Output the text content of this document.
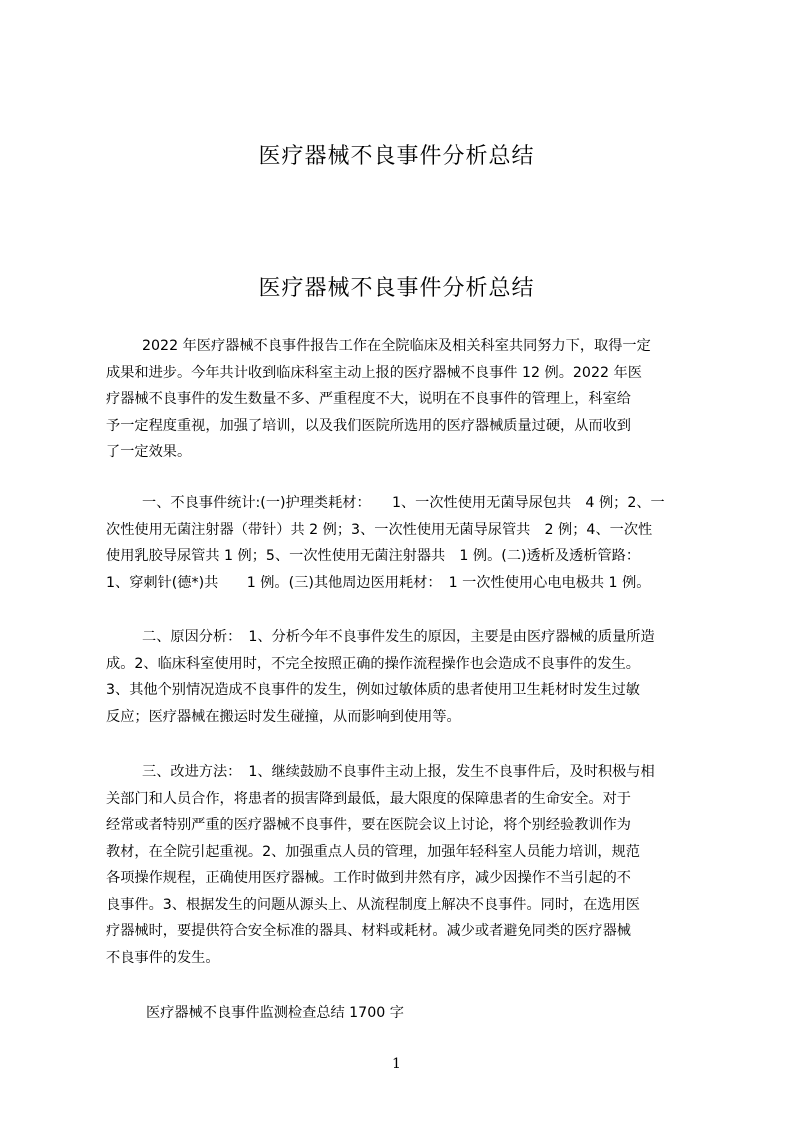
医疗器械不良事件分析总结
医疗器械不良事件分析总结
2022 年医疗器械不良事件报告工作在全院临床及相关科室共同努力下，取得一定
成果和进步。今年共计收到临床科室主动上报的医疗器械不良事件 12 例。2022 年医
疗器械不良事件的发生数量不多、严重程度不大，说明在不良事件的管理上，科室给
予一定程度重视，加强了培训，以及我们医院所选用的医疗器械质量过硬，从而收到
了一定效果。
一、不良事件统计:(一)护理类耗材：　　1、一次性使用无菌导尿包共　4 例；2、一
次性使用无菌注射器（带针）共 2 例；3、一次性使用无菌导尿管共　2 例；4、一次性
使用乳胶导尿管共 1 例；5、一次性使用无菌注射器共　1 例。(二)透析及透析管路：
1、穿刺针(德*)共　　1 例。(三)其他周边医用耗材：　1 一次性使用心电电极共 1 例。
二、原因分析：　1、分析今年不良事件发生的原因，主要是由医疗器械的质量所造
成。2、临床科室使用时，不完全按照正确的操作流程操作也会造成不良事件的发生。
3、其他个别情况造成不良事件的发生，例如过敏体质的患者使用卫生耗材时发生过敏
反应；医疗器械在搬运时发生碰撞，从而影响到使用等。
三、改进方法：　1、继续鼓励不良事件主动上报，发生不良事件后，及时积极与相
关部门和人员合作，将患者的损害降到最低，最大限度的保障患者的生命安全。对于
经常或者特别严重的医疗器械不良事件，要在医院会议上讨论，将个别经验教训作为
教材，在全院引起重视。2、加强重点人员的管理，加强年轻科室人员能力培训，规范
各项操作规程，正确使用医疗器械。工作时做到井然有序，减少因操作不当引起的不
良事件。3、根据发生的问题从源头上、从流程制度上解决不良事件。同时，在选用医
疗器械时，要提供符合安全标准的器具、材料或耗材。减少或者避免同类的医疗器械
不良事件的发生。
医疗器械不良事件监测检查总结 1700 字
1
